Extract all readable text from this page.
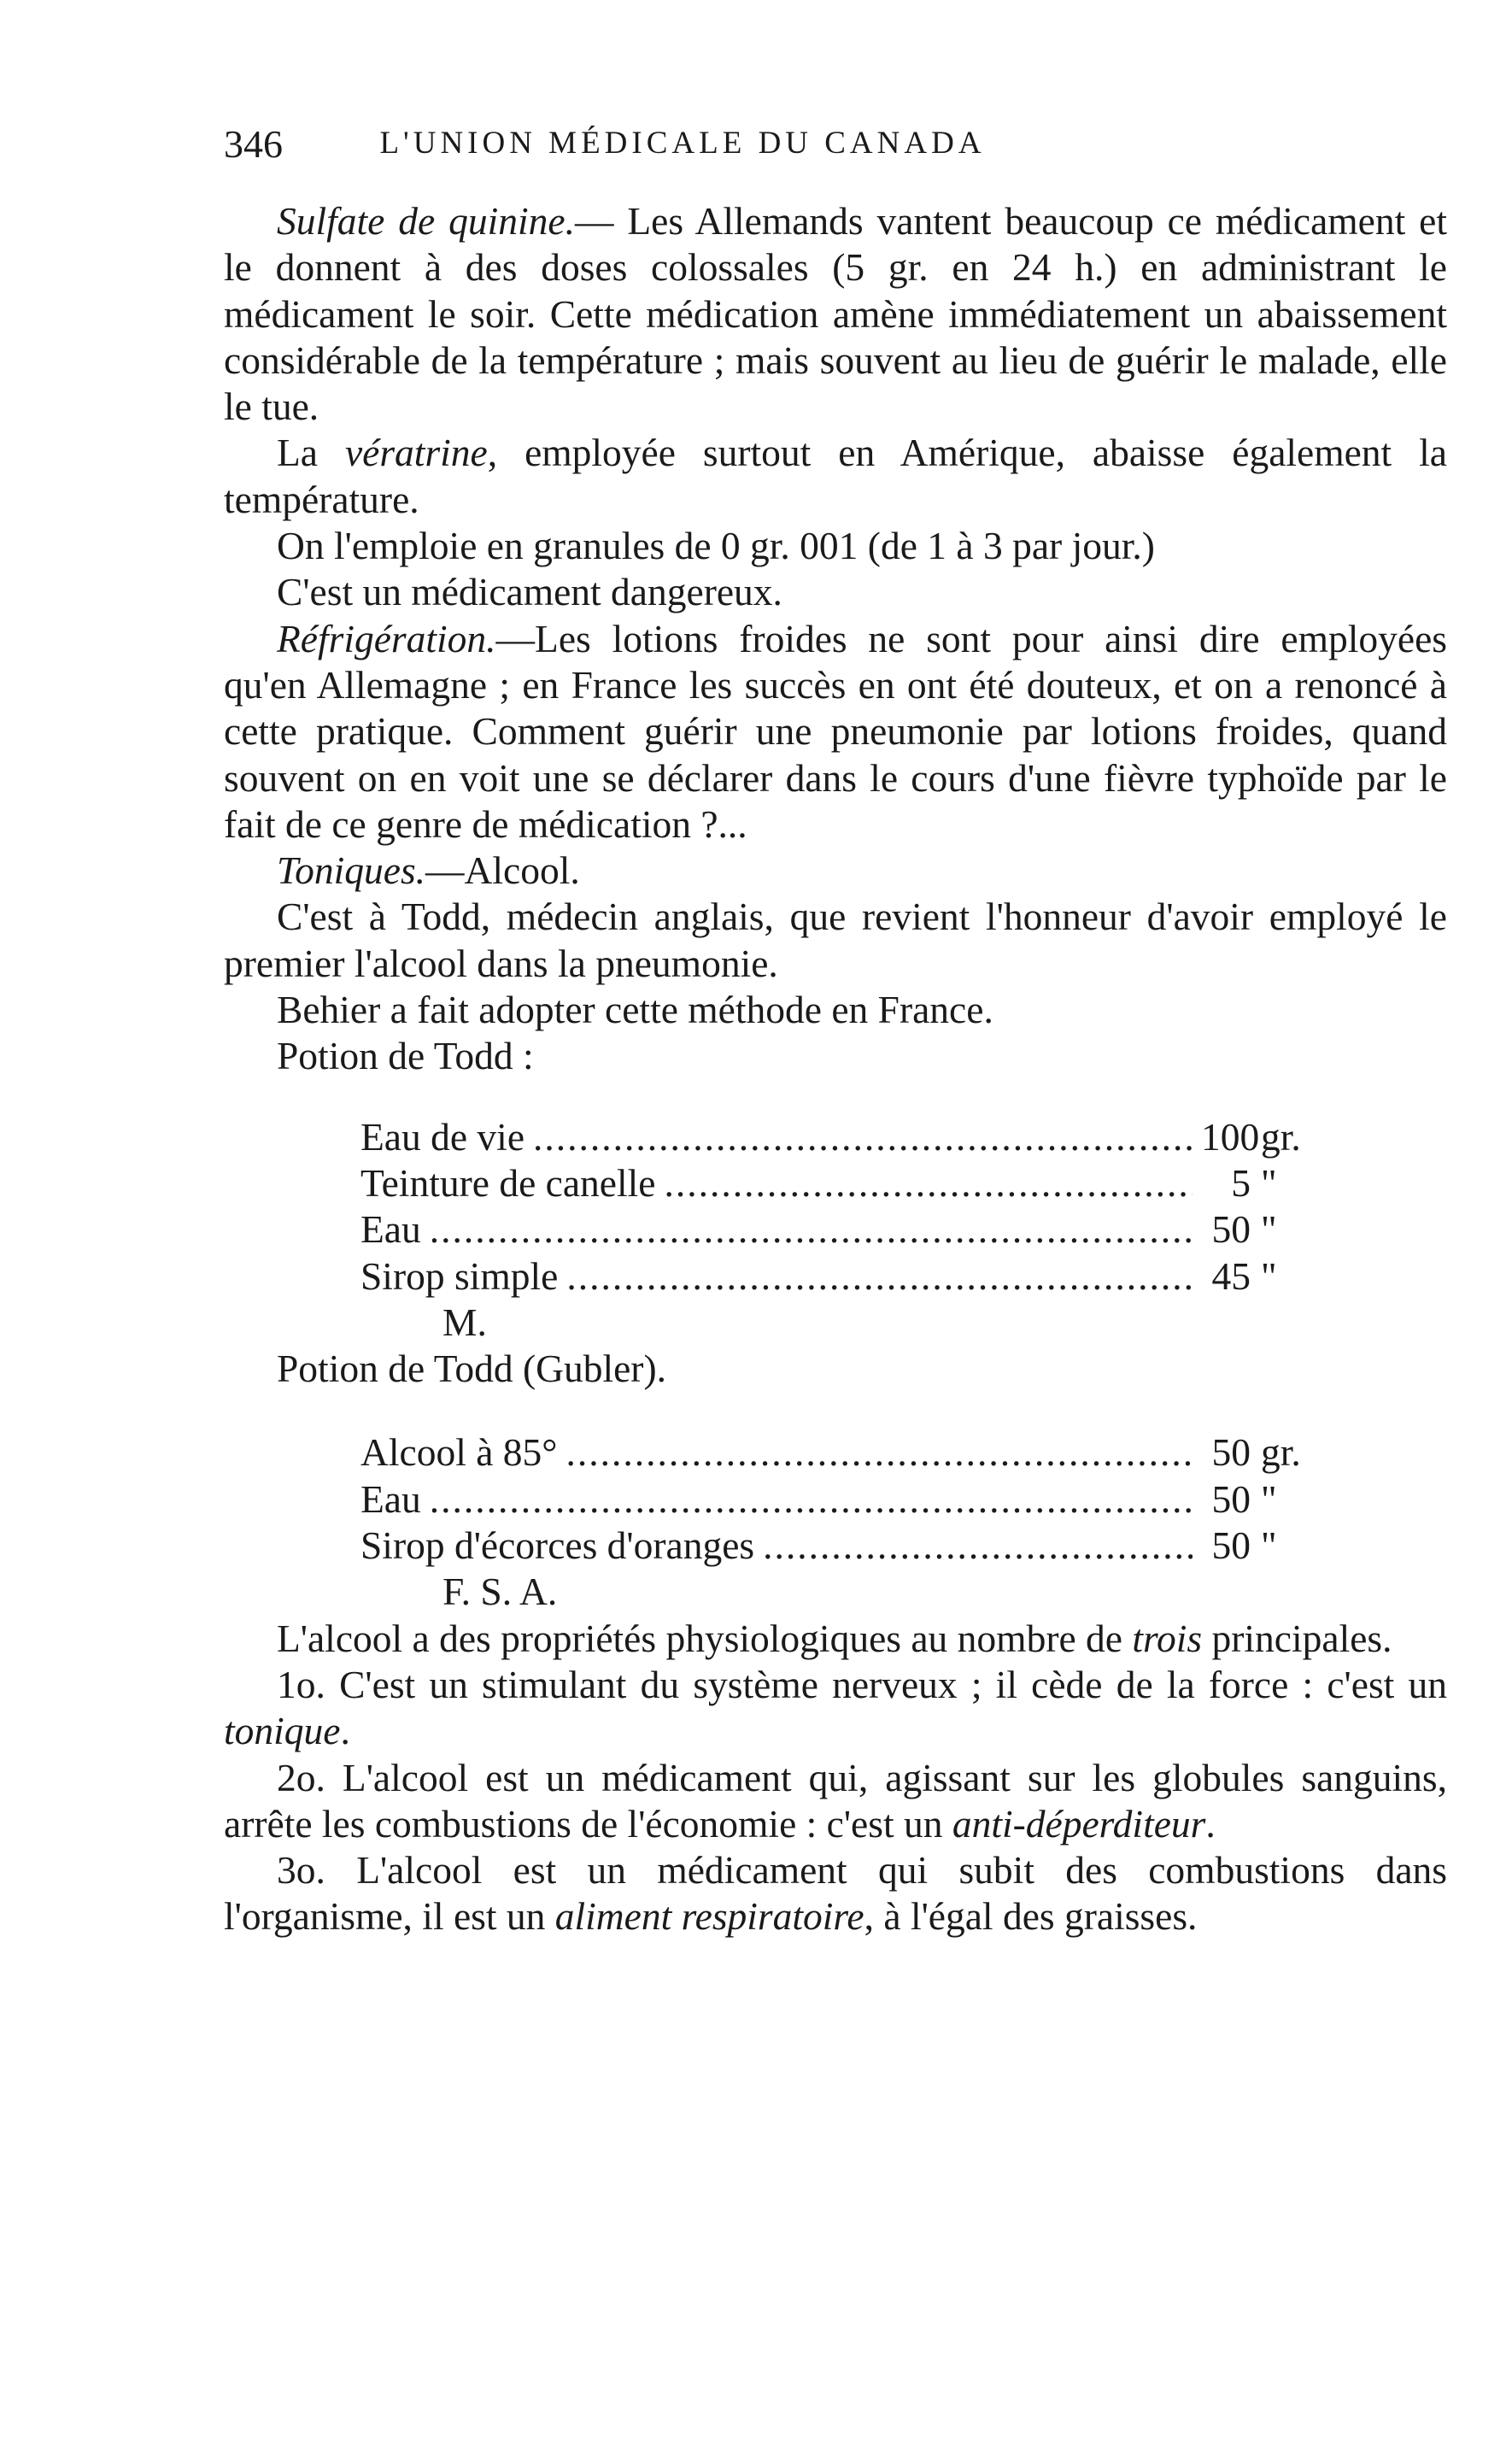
346	L'UNION MÉDICALE DU CANADA

Sulfate de quinine.— Les Allemands vantent beaucoup ce médicament et le donnent à des doses colossales (5 gr. en 24 h.) en administrant le médicament le soir. Cette médication amène immédiatement un abaissement considérable de la température ; mais souvent au lieu de guérir le malade, elle le tue.

La vératrine, employée surtout en Amérique, abaisse également la température.

On l'emploie en granules de 0 gr. 001 (de 1 à 3 par jour.)

C'est un médicament dangereux.

Réfrigération.—Les lotions froides ne sont pour ainsi dire employées qu'en Allemagne ; en France les succès en ont été douteux, et on a renoncé à cette pratique. Comment guérir une pneumonie par lotions froides, quand souvent on en voit une se déclarer dans le cours d'une fièvre typhoïde par le fait de ce genre de médication ?...

Toniques.—Alcool.

C'est à Todd, médecin anglais, que revient l'honneur d'avoir employé le premier l'alcool dans la pneumonie.

Behier a fait adopter cette méthode en France.

Potion de Todd :

Eau de vie .....	100 gr.
Teinture de canelle .....	5 "
Eau .....	50 "
Sirop simple .....	45 "
M.

Potion de Todd (Gubler).

Alcool à 85° .....	50 gr.
Eau .....	50 "
Sirop d'écorces d'oranges .....	50 "
F. S. A.

L'alcool a des propriétés physiologiques au nombre de trois principales.

1o. C'est un stimulant du système nerveux ; il cède de la force : c'est un tonique.

2o. L'alcool est un médicament qui, agissant sur les globules sanguins, arrête les combustions de l'économie : c'est un anti-déperditeur.

3o. L'alcool est un médicament qui subit des combustions dans l'organisme, il est un aliment respiratoire, à l'égal des graisses.
